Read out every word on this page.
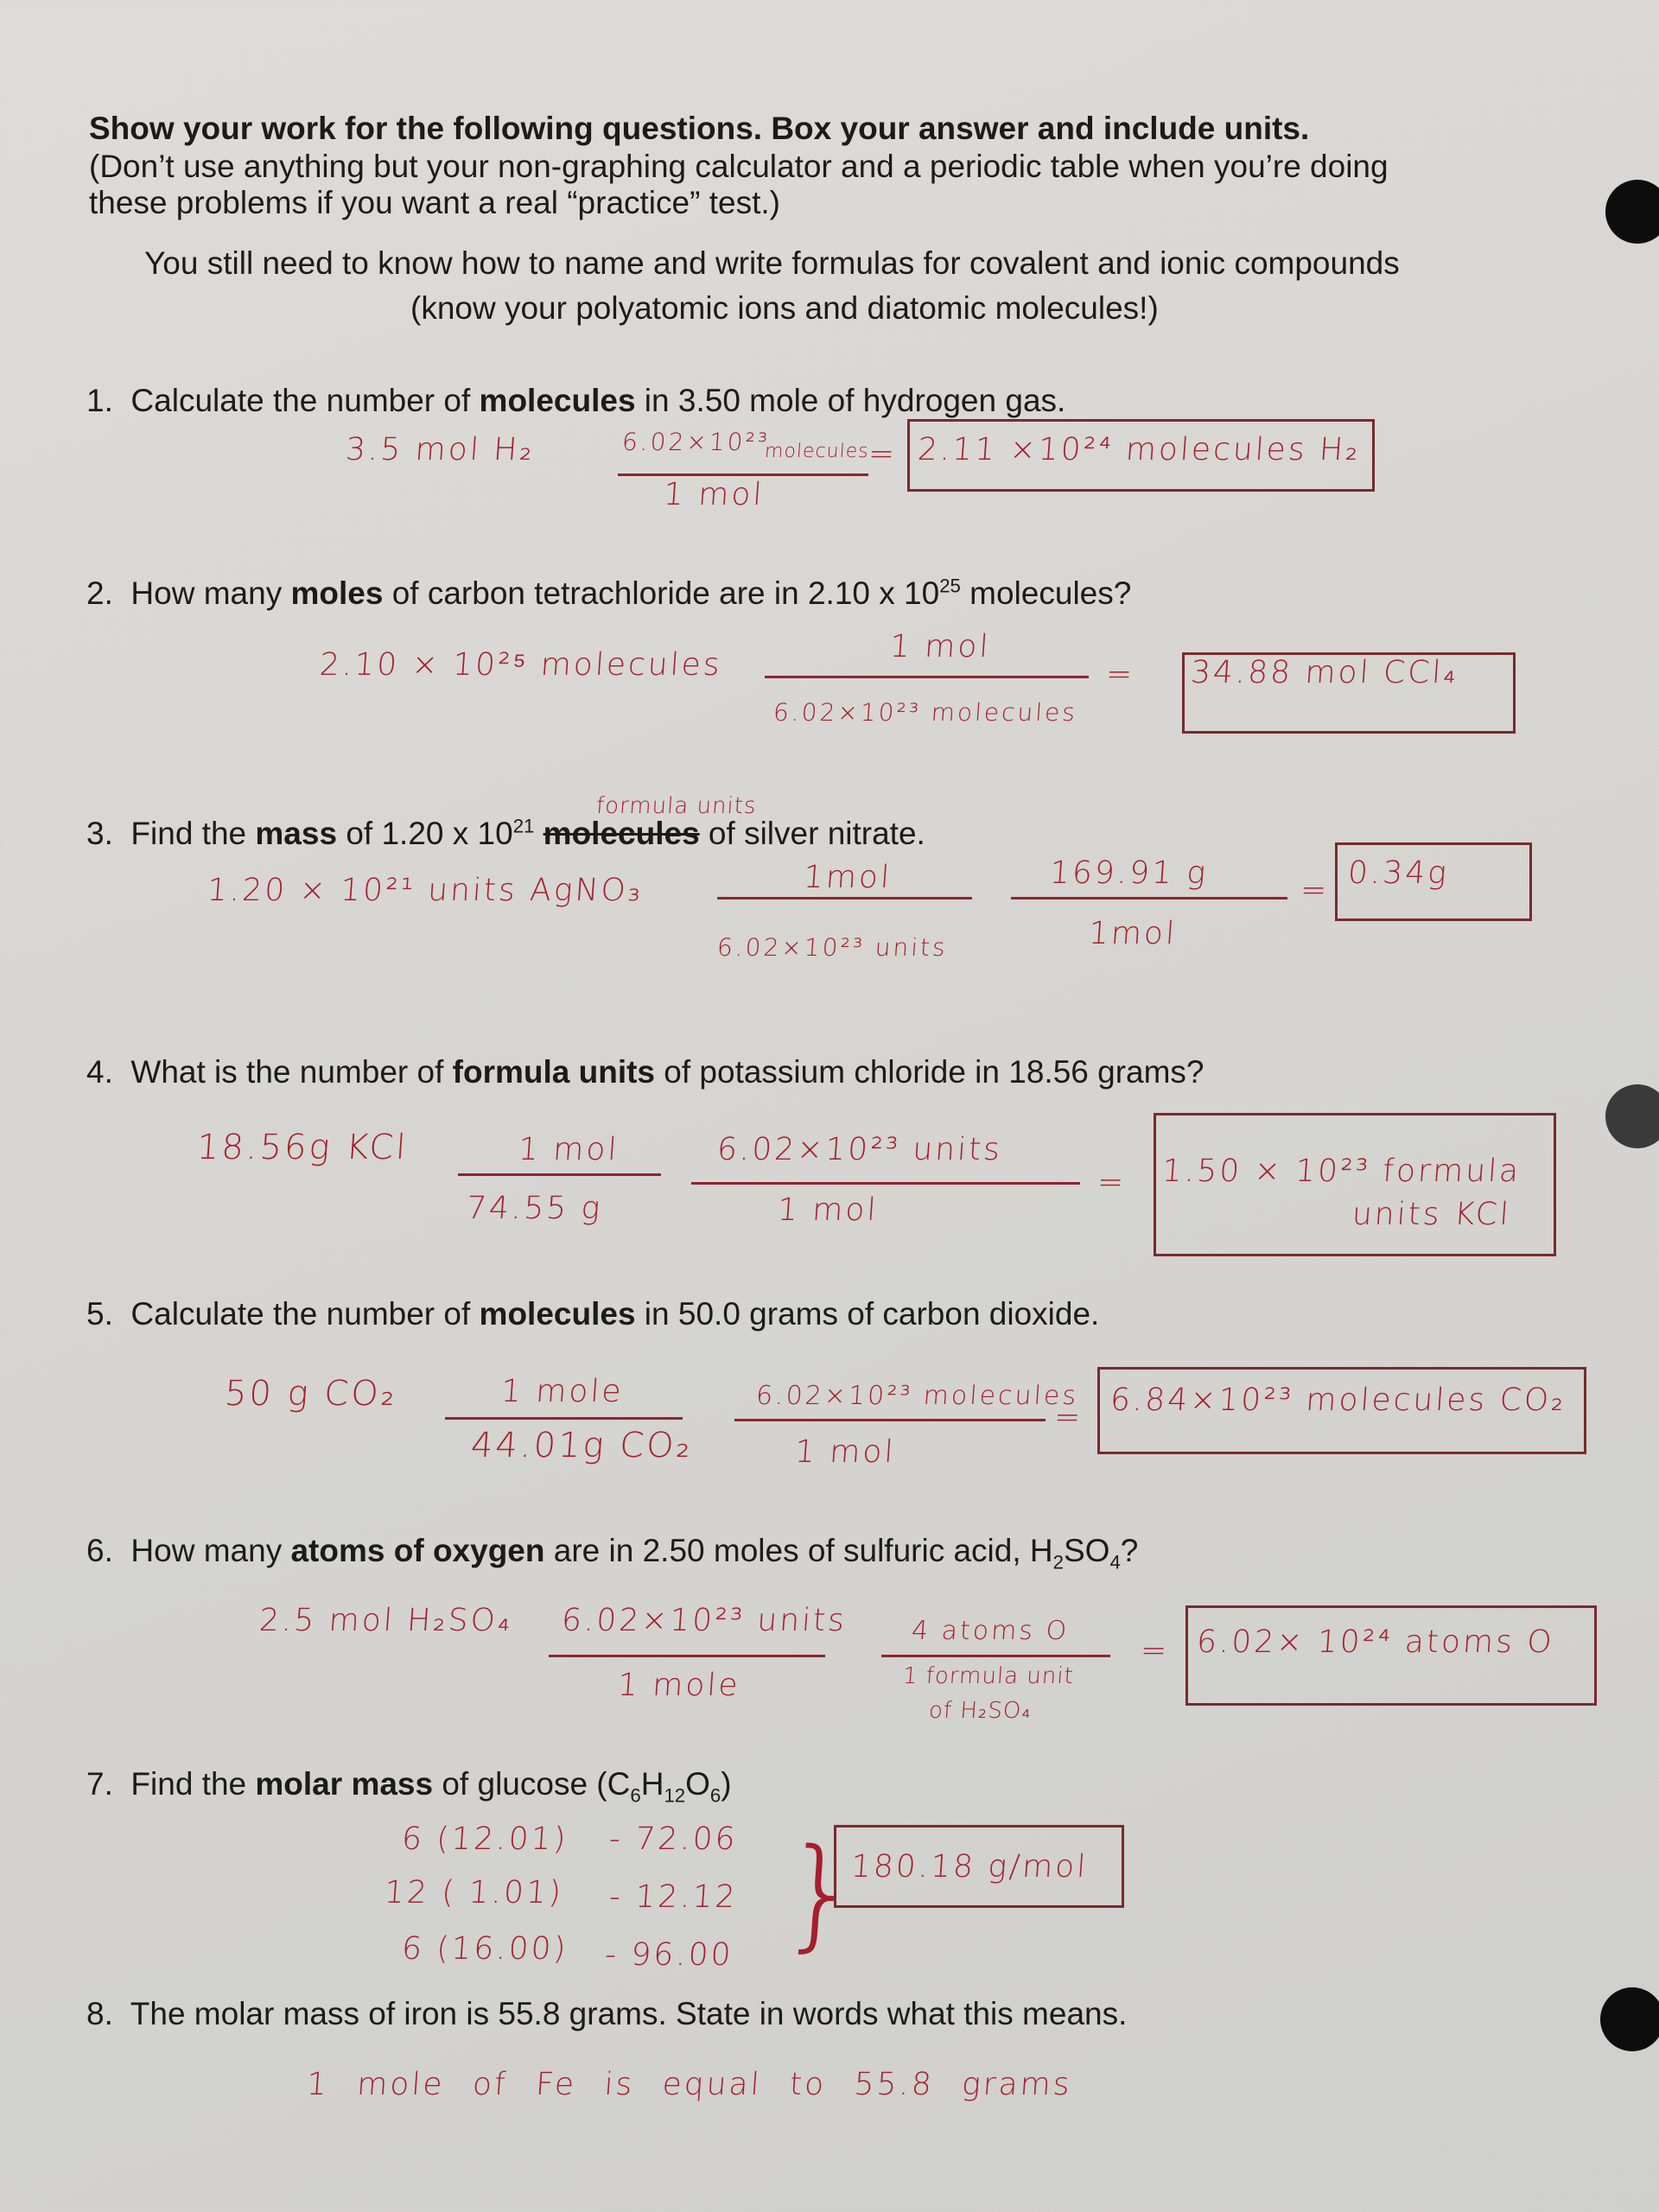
Show your work for the following questions. Box your answer and include units.
(Don’t use anything but your non-graphing calculator and a periodic table when you’re doing
these problems if you want a real “practice” test.)
You still need to know how to name and write formulas for covalent and ionic compounds
(know your polyatomic ions and diatomic molecules!)
1. Calculate the number of molecules in 3.50 mole of hydrogen gas.
3.5 mol H₂	6.02×10²³
molecules
=
1 mol
2.11 ×10²⁴ molecules H₂
2. How many moles of carbon tetrachloride are in 2.10 x $10^{25}$ molecules?
2.10 × 10²⁵ molecules
1 mol
=
6.02×10²³ molecules
34.88 mol CCl₄
formula units
3. Find the mass of 1.20 x $10^{21}$ molecules of silver nitrate.
1.20 × 10²¹ units AgNO₃	1mol
6.02×10²³ units
169.91 g
1mol
= 0.34g
4. What is the number of formula units of potassium chloride in 18.56 grams?
18.56g KCl	1 mol
74.55 g
6.02×10²³ units
1 mol
= 1.50 × 10²³ formula
units KCl
5. Calculate the number of molecules in 50.0 grams of carbon dioxide.
50 g CO₂	1 mole
44.01g CO₂
6.02×10²³ molecules
1 mol
= 6.84×10²³ molecules CO₂
6. How many atoms of oxygen are in 2.50 moles of sulfuric acid, $H_2SO_4$?
2.5 mol H₂SO₄ 6.02×10²³ units
1 mole
4 atoms O
1 formula unit
of H₂SO₄
= 6.02× 10²⁴ atoms O
7. Find the molar mass of glucose $(C_6H_{12}O_6)$
6 (12.01) - 72.06
12 ( 1.01) - 12.12
6 (16.00) - 96.00 }
180.18 g/mol
8. The molar mass of iron is 55.8 grams. State in words what this means.
1 mole of Fe is equal to 55.8 grams
